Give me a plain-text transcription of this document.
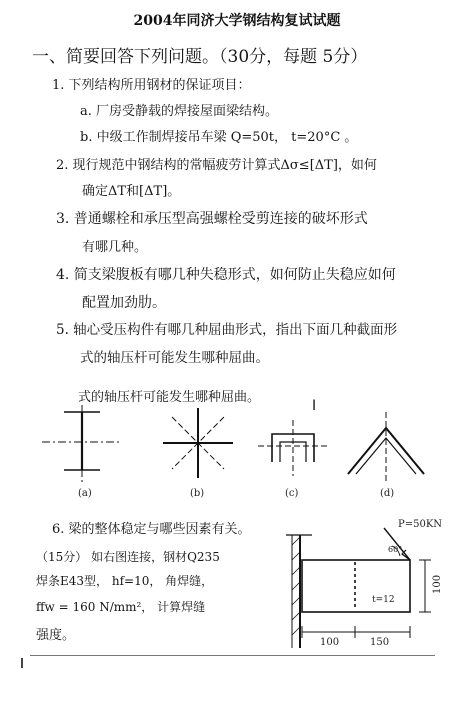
2004年同济大学钢结构复试试题
一、简要回答下列问题。（30分，每题 5分）
1. 下列结构所用钢材的保证项目：
a. 厂房受静载的焊接屋面梁结构。
b. 中级工作制焊接吊车梁 Q=50t， t=20°C 。
2. 现行规范中钢结构的常幅疲劳计算式Δσ≤[ΔT]，如何
确定ΔT和[ΔT]。
3. 普通螺栓和承压型高强螺栓受剪连接的破坏形式
有哪几种。
4. 简支梁腹板有哪几种失稳形式，如何防止失稳应如何
配置加劲肋。
5. 轴心受压构件有哪几种屈曲形式，指出下面几种截面形
式的轴压杆可能发生哪种屈曲。
式的轴压杆可能发生哪种屈曲。
I
(a)	(b)	(c)	(d)
6. 梁的整体稳定与哪些因素有关。
（15分） 如右图连接，钢材Q235
焊条E43型， hf=10， 角焊缝，
ffw = 160 N/mm²， 计算焊缝
强度。
P=50KN
60°
t=12
100	150
100
